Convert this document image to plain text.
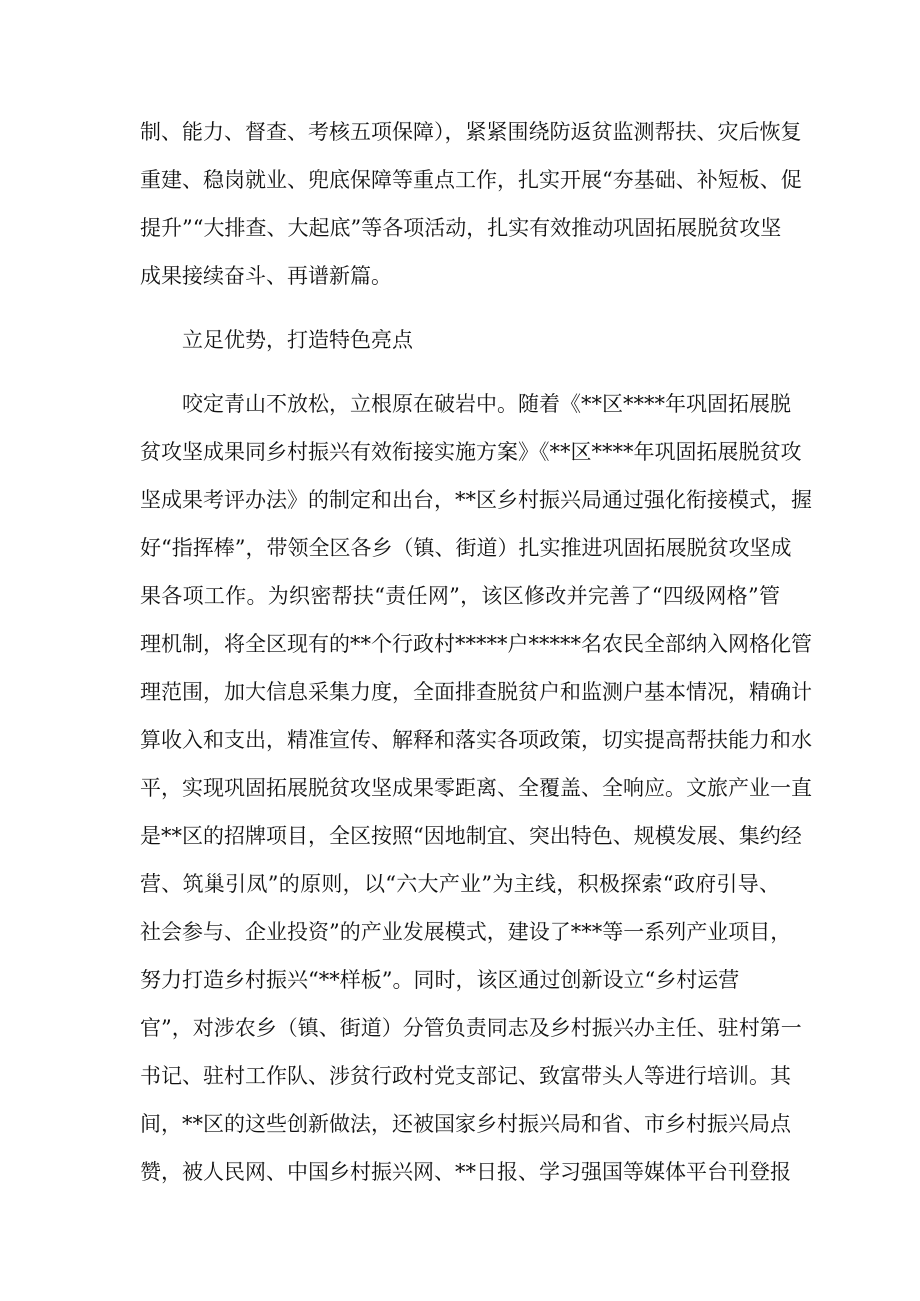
制、能力、督查、考核五项保障），紧紧围绕防返贫监测帮扶、灾后恢复
重建、稳岗就业、兜底保障等重点工作，扎实开展“夯基础、补短板、促
提升”“大排查、大起底”等各项活动，扎实有效推动巩固拓展脱贫攻坚
成果接续奋斗、再谱新篇。
立足优势，打造特色亮点
咬定青山不放松，立根原在破岩中。随着《**区****年巩固拓展脱
贫攻坚成果同乡村振兴有效衔接实施方案》《**区****年巩固拓展脱贫攻
坚成果考评办法》的制定和出台，**区乡村振兴局通过强化衔接模式，握
好“指挥棒”，带领全区各乡（镇、街道）扎实推进巩固拓展脱贫攻坚成
果各项工作。为织密帮扶“责任网”，该区修改并完善了“四级网格”管
理机制，将全区现有的**个行政村*****户*****名农民全部纳入网格化管
理范围，加大信息采集力度，全面排查脱贫户和监测户基本情况，精确计
算收入和支出，精准宣传、解释和落实各项政策，切实提高帮扶能力和水
平，实现巩固拓展脱贫攻坚成果零距离、全覆盖、全响应。文旅产业一直
是**区的招牌项目，全区按照“因地制宜、突出特色、规模发展、集约经
营、筑巢引凤”的原则，以“六大产业”为主线，积极探索“政府引导、
社会参与、企业投资”的产业发展模式，建设了***等一系列产业项目，
努力打造乡村振兴“**样板”。同时，该区通过创新设立“乡村运营
官”，对涉农乡（镇、街道）分管负责同志及乡村振兴办主任、驻村第一
书记、驻村工作队、涉贫行政村党支部记、致富带头人等进行培训。其
间，**区的这些创新做法，还被国家乡村振兴局和省、市乡村振兴局点
赞，被人民网、中国乡村振兴网、**日报、学习强国等媒体平台刊登报
